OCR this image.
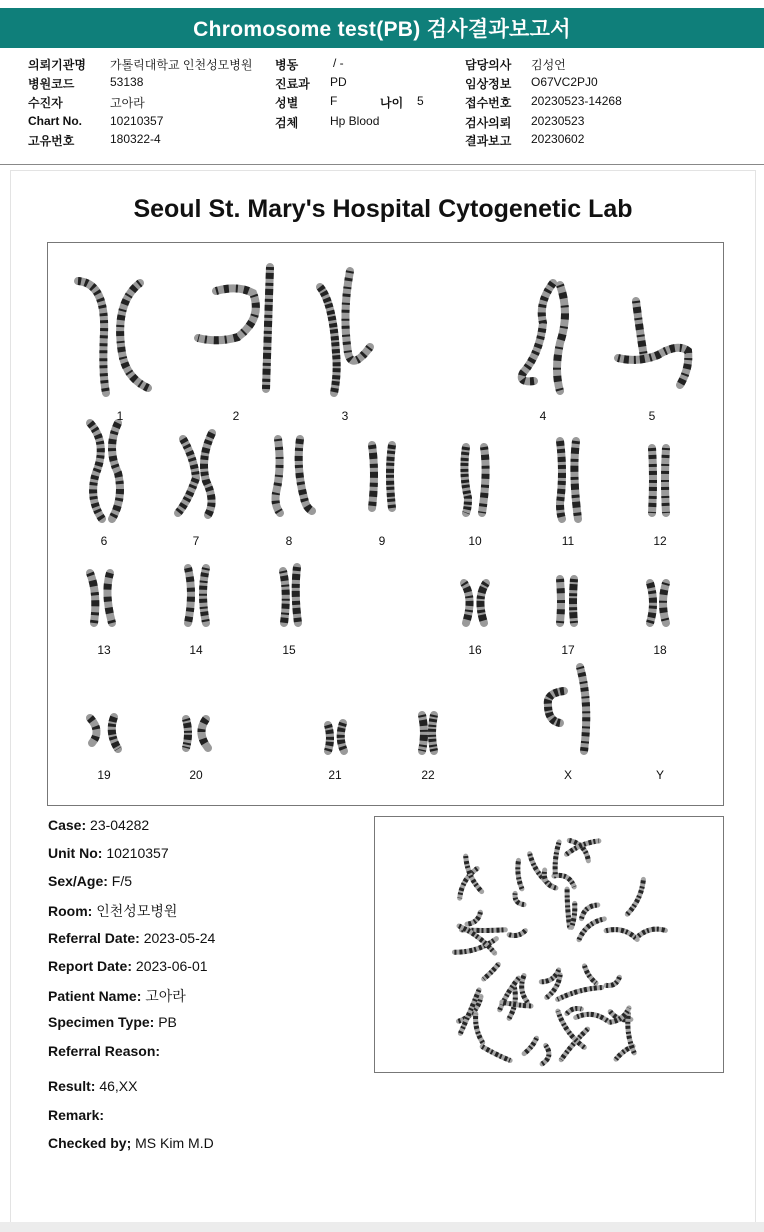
Chromosome test(PB) 검사결과보고서
의뢰기관명 가톨릭대학교 인천성모병원 병동	/ -	담당의사 김성언
병원코드	53138	진료과 PD	임상정보 O67VC2PJ0
수진자	고아라	성별	F	나이 5	접수번호 20230523-14268
Chart No. 10210357	검체	Hp Blood	검사의뢰 20230523
고유번호	180322-4	결과보고 20230602
Seoul St. Mary's Hospital Cytogenetic Lab
1	2	3	4	5
6	7	8	9	10	11	12
13	14	15	16	17	18
19	20	21	22	X	Y
Case: 23-04282
Unit No: 10210357
Sex/Age: F/5
Room: 인천성모병원
Referral Date: 2023-05-24
Report Date: 2023-06-01
Patient Name: 고아라
Specimen Type: PB
Referral Reason:
Result: 46,XX
Remark:
Checked by; MS Kim M.D
